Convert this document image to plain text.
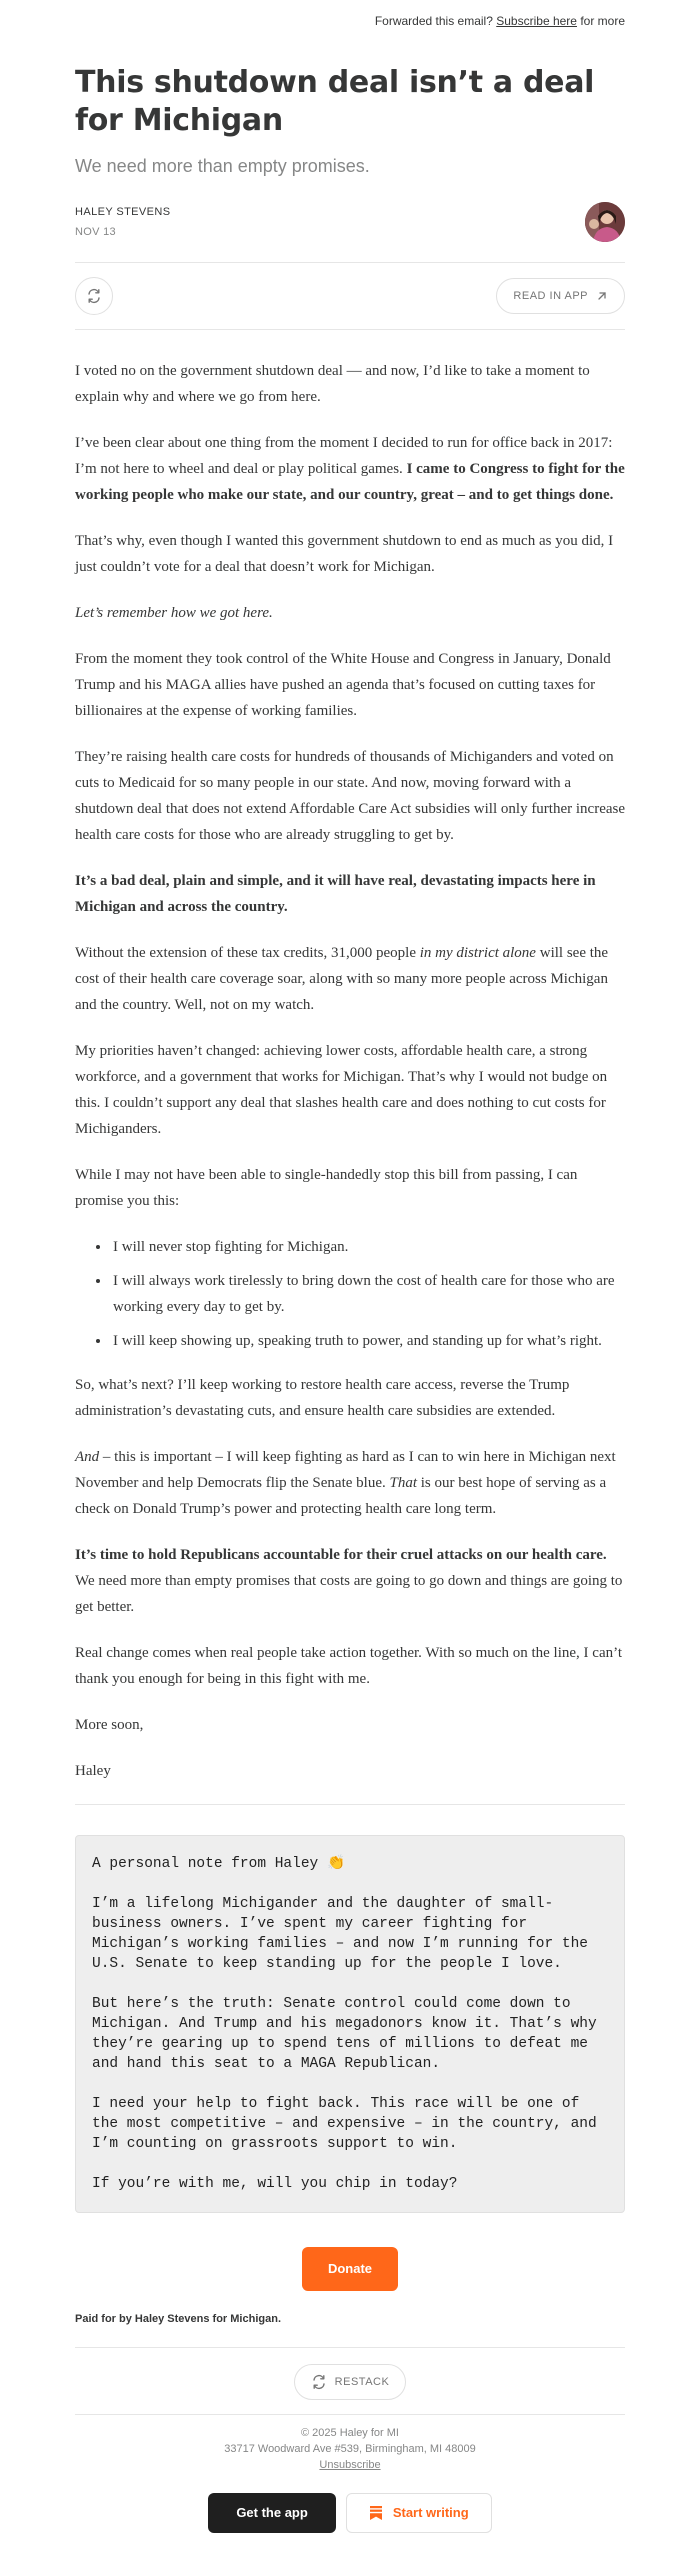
Forwarded this email? Subscribe here for more
This shutdown deal isn’t a deal for Michigan
We need more than empty promises.
HALEY STEVENS
NOV 13
READ IN APP

I voted no on the government shutdown deal — and now, I’d like to take a moment to explain why and where we go from here.

I’ve been clear about one thing from the moment I decided to run for office back in 2017: I’m not here to wheel and deal or play political games. I came to Congress to fight for the working people who make our state, and our country, great – and to get things done.

That’s why, even though I wanted this government shutdown to end as much as you did, I just couldn’t vote for a deal that doesn’t work for Michigan.

Let’s remember how we got here.

From the moment they took control of the White House and Congress in January, Donald Trump and his MAGA allies have pushed an agenda that’s focused on cutting taxes for billionaires at the expense of working families.

They’re raising health care costs for hundreds of thousands of Michiganders and voted on cuts to Medicaid for so many people in our state. And now, moving forward with a shutdown deal that does not extend Affordable Care Act subsidies will only further increase health care costs for those who are already struggling to get by.

It’s a bad deal, plain and simple, and it will have real, devastating impacts here in Michigan and across the country.

Without the extension of these tax credits, 31,000 people in my district alone will see the cost of their health care coverage soar, along with so many more people across Michigan and the country. Well, not on my watch.

My priorities haven’t changed: achieving lower costs, affordable health care, a strong workforce, and a government that works for Michigan. That’s why I would not budge on this. I couldn’t support any deal that slashes health care and does nothing to cut costs for Michiganders.

While I may not have been able to single-handedly stop this bill from passing, I can promise you this:

• I will never stop fighting for Michigan.
• I will always work tirelessly to bring down the cost of health care for those who are working every day to get by.
• I will keep showing up, speaking truth to power, and standing up for what’s right.

So, what’s next? I’ll keep working to restore health care access, reverse the Trump administration’s devastating cuts, and ensure health care subsidies are extended.

And – this is important – I will keep fighting as hard as I can to win here in Michigan next November and help Democrats flip the Senate blue. That is our best hope of serving as a check on Donald Trump’s power and protecting health care long term.

It’s time to hold Republicans accountable for their cruel attacks on our health care. We need more than empty promises that costs are going to go down and things are going to get better.

Real change comes when real people take action together. With so much on the line, I can’t thank you enough for being in this fight with me.

More soon,

Haley

A personal note from Haley 👏

I’m a lifelong Michigander and the daughter of small-business owners. I’ve spent my career fighting for Michigan’s working families – and now I’m running for the U.S. Senate to keep standing up for the people I love.

But here’s the truth: Senate control could come down to Michigan. And Trump and his megadonors know it. That’s why they’re gearing up to spend tens of millions to defeat me and hand this seat to a MAGA Republican.

I need your help to fight back. This race will be one of the most competitive – and expensive – in the country, and I’m counting on grassroots support to win.

If you’re with me, will you chip in today?

Donate
Paid for by Haley Stevens for Michigan.
RESTACK
© 2025 Haley for MI
33717 Woodward Ave #539, Birmingham, MI 48009
Unsubscribe
Get the app	Start writing
